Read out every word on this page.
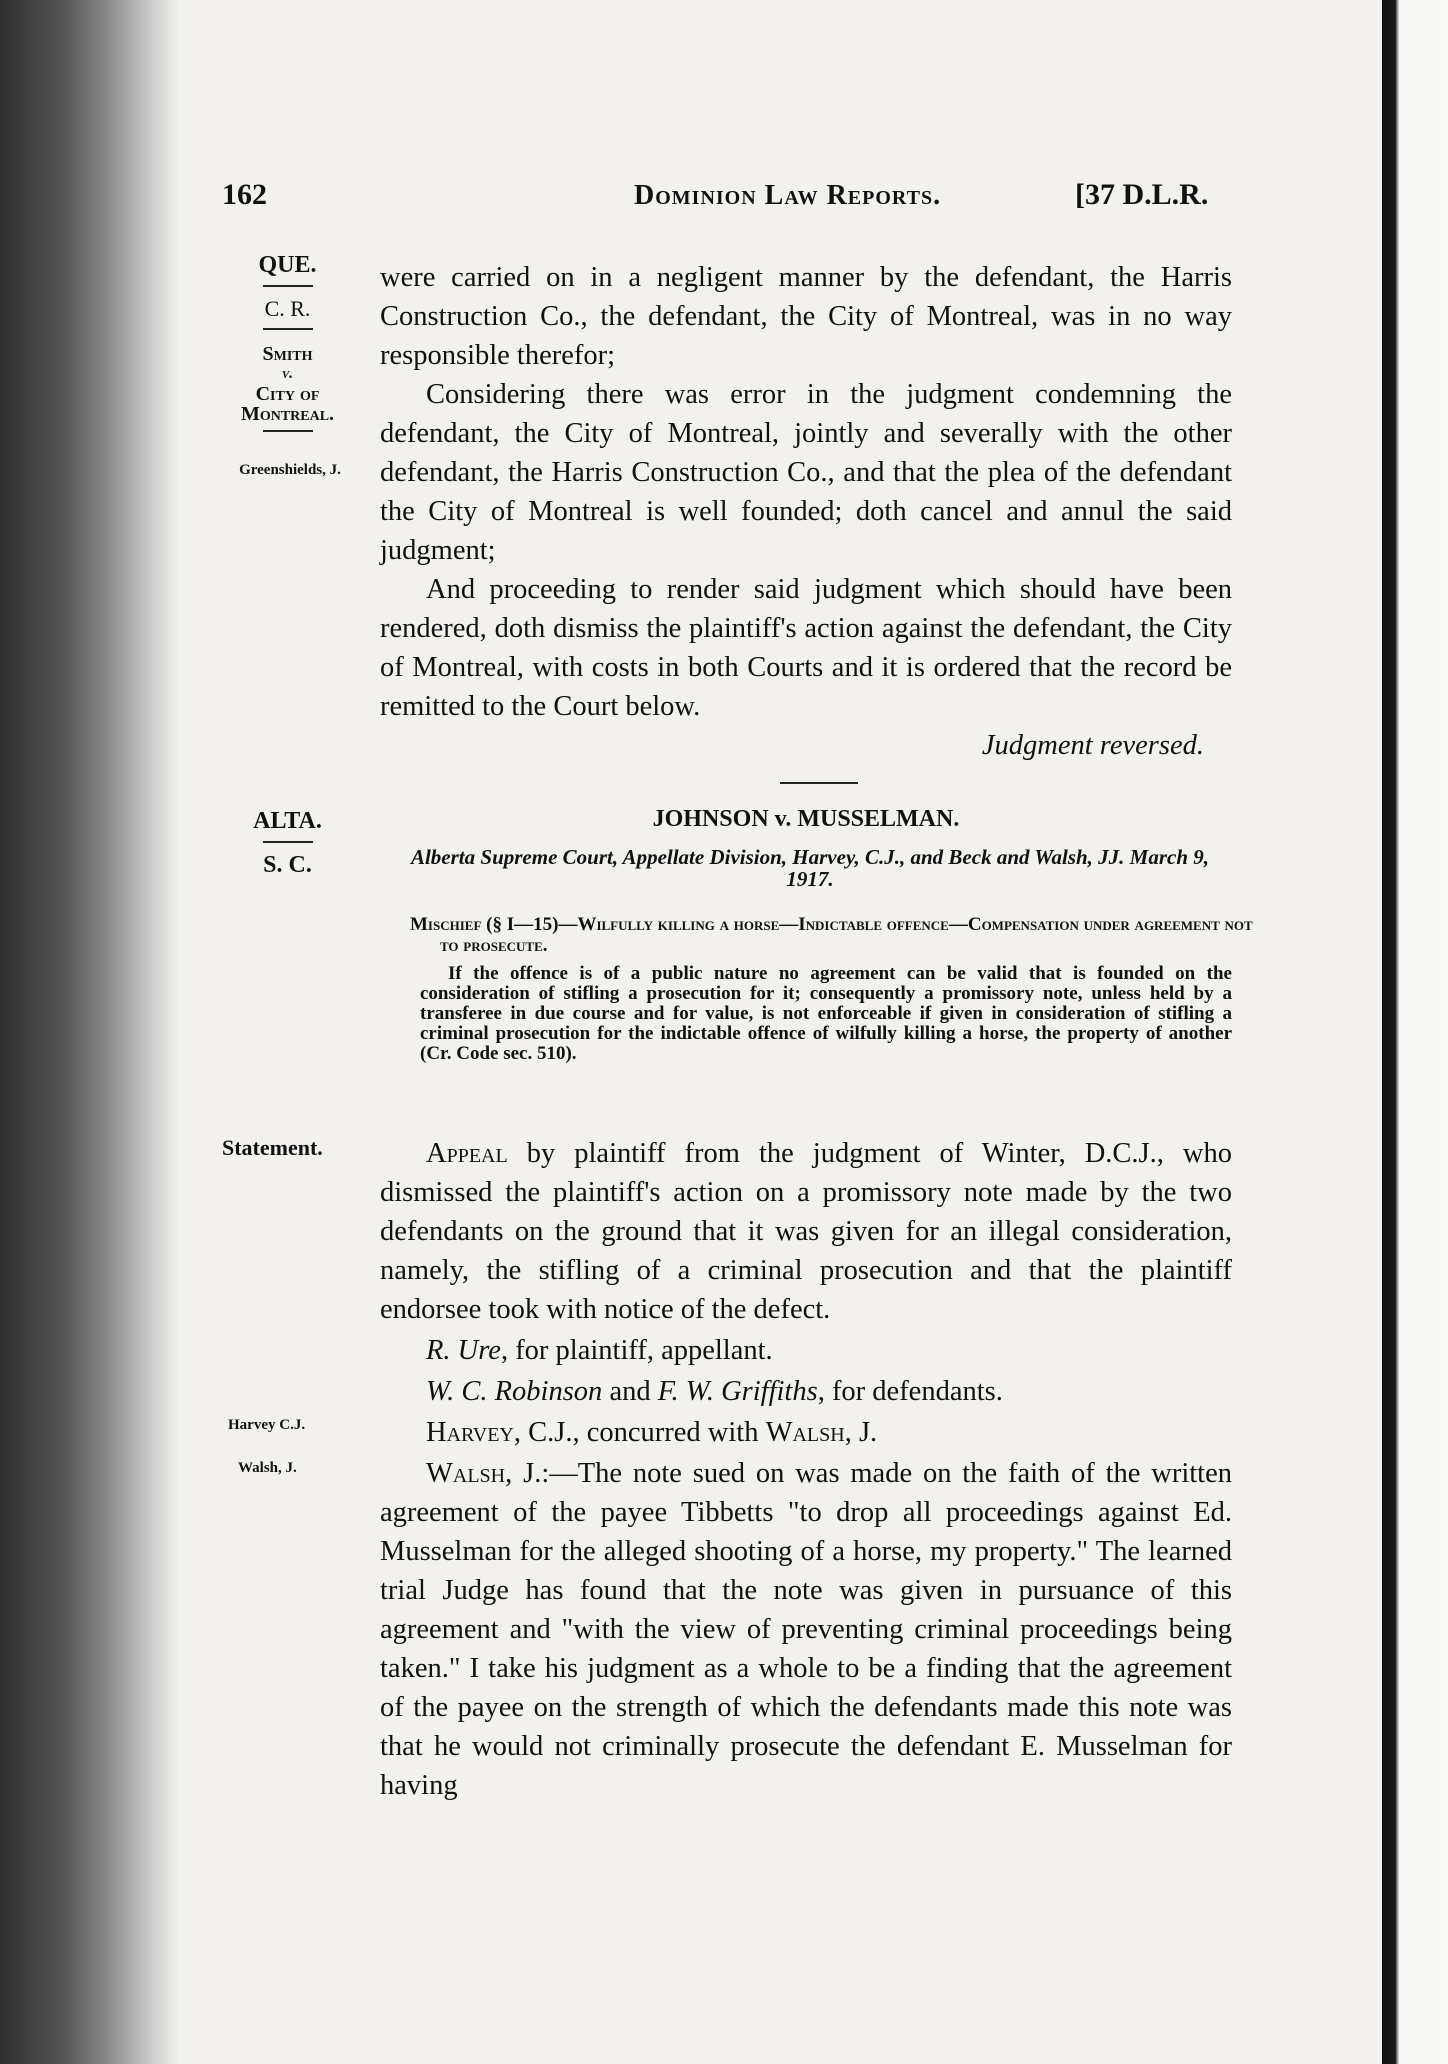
162	Dominion Law Reports.	[37 D.L.R.
QUE.
C. R.
Smith
v.
City of
Montreal.
Greenshields, J.

were carried on in a negligent manner by the defendant, the Harris Construction Co., the defendant, the City of Montreal, was in no way responsible therefor;

Considering there was error in the judgment condemning the defendant, the City of Montreal, jointly and severally with the other defendant, the Harris Construction Co., and that the plea of the defendant the City of Montreal is well founded; doth cancel and annul the said judgment;

And proceeding to render said judgment which should have been rendered, doth dismiss the plaintiff's action against the defendant, the City of Montreal, with costs in both Courts and it is ordered that the record be remitted to the Court below.

Judgment reversed.

ALTA.
S. C.
JOHNSON v. MUSSELMAN.
Alberta Supreme Court, Appellate Division, Harvey, C.J., and Beck and Walsh, JJ. March 9, 1917.
Mischief (§ I—15)—Wilfully killing a horse—Indictable offence—Compensation under agreement not to prosecute.
If the offence is of a public nature no agreement can be valid that is founded on the consideration of stifling a prosecution for it; consequently a promissory note, unless held by a transferee in due course and for value, is not enforceable if given in consideration of stifling a criminal prosecution for the indictable offence of wilfully killing a horse, the property of another (Cr. Code sec. 510).
Statement.
Harvey C.J.
Walsh, J.

Appeal by plaintiff from the judgment of Winter, D.C.J., who dismissed the plaintiff's action on a promissory note made by the two defendants on the ground that it was given for an illegal consideration, namely, the stifling of a criminal prosecution and that the plaintiff endorsee took with notice of the defect.

R. Ure, for plaintiff, appellant.

W. C. Robinson and F. W. Griffiths, for defendants.

Harvey, C.J., concurred with Walsh, J.

Walsh, J.:—The note sued on was made on the faith of the written agreement of the payee Tibbetts "to drop all proceedings against Ed. Musselman for the alleged shooting of a horse, my property." The learned trial Judge has found that the note was given in pursuance of this agreement and "with the view of preventing criminal proceedings being taken." I take his judgment as a whole to be a finding that the agreement of the payee on the strength of which the defendants made this note was that he would not criminally prosecute the defendant E. Musselman for having
